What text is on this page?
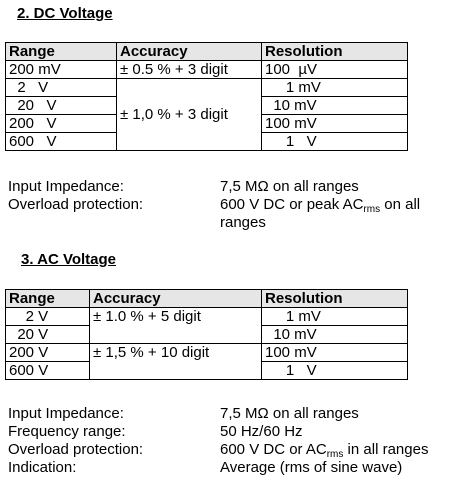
2. DC Voltage
Range	Accuracy	Resolution
200 mV	± 0.5 % + 3 digit	100  µV
2   V	± 1,0 % + 3 digit	1 mV
20   V		10 mV
200   V		100 mV
600   V		1   V
Input Impedance:	7,5 MΩ on all ranges
Overload protection:	600 V DC or peak $AC_{rms}$ on all
ranges
3. AC Voltage
Range	Accuracy	Resolution
2 V	± 1.0 % + 5 digit	1 mV
20 V		10 mV
200 V	± 1,5 % + 10 digit	100 mV
600 V		1   V
Input Impedance:	7,5 MΩ on all ranges
Frequency range:	50 Hz/60 Hz
Overload protection:	600 V DC or $AC_{rms}$ in all ranges
Indication:	Average (rms of sine wave)
